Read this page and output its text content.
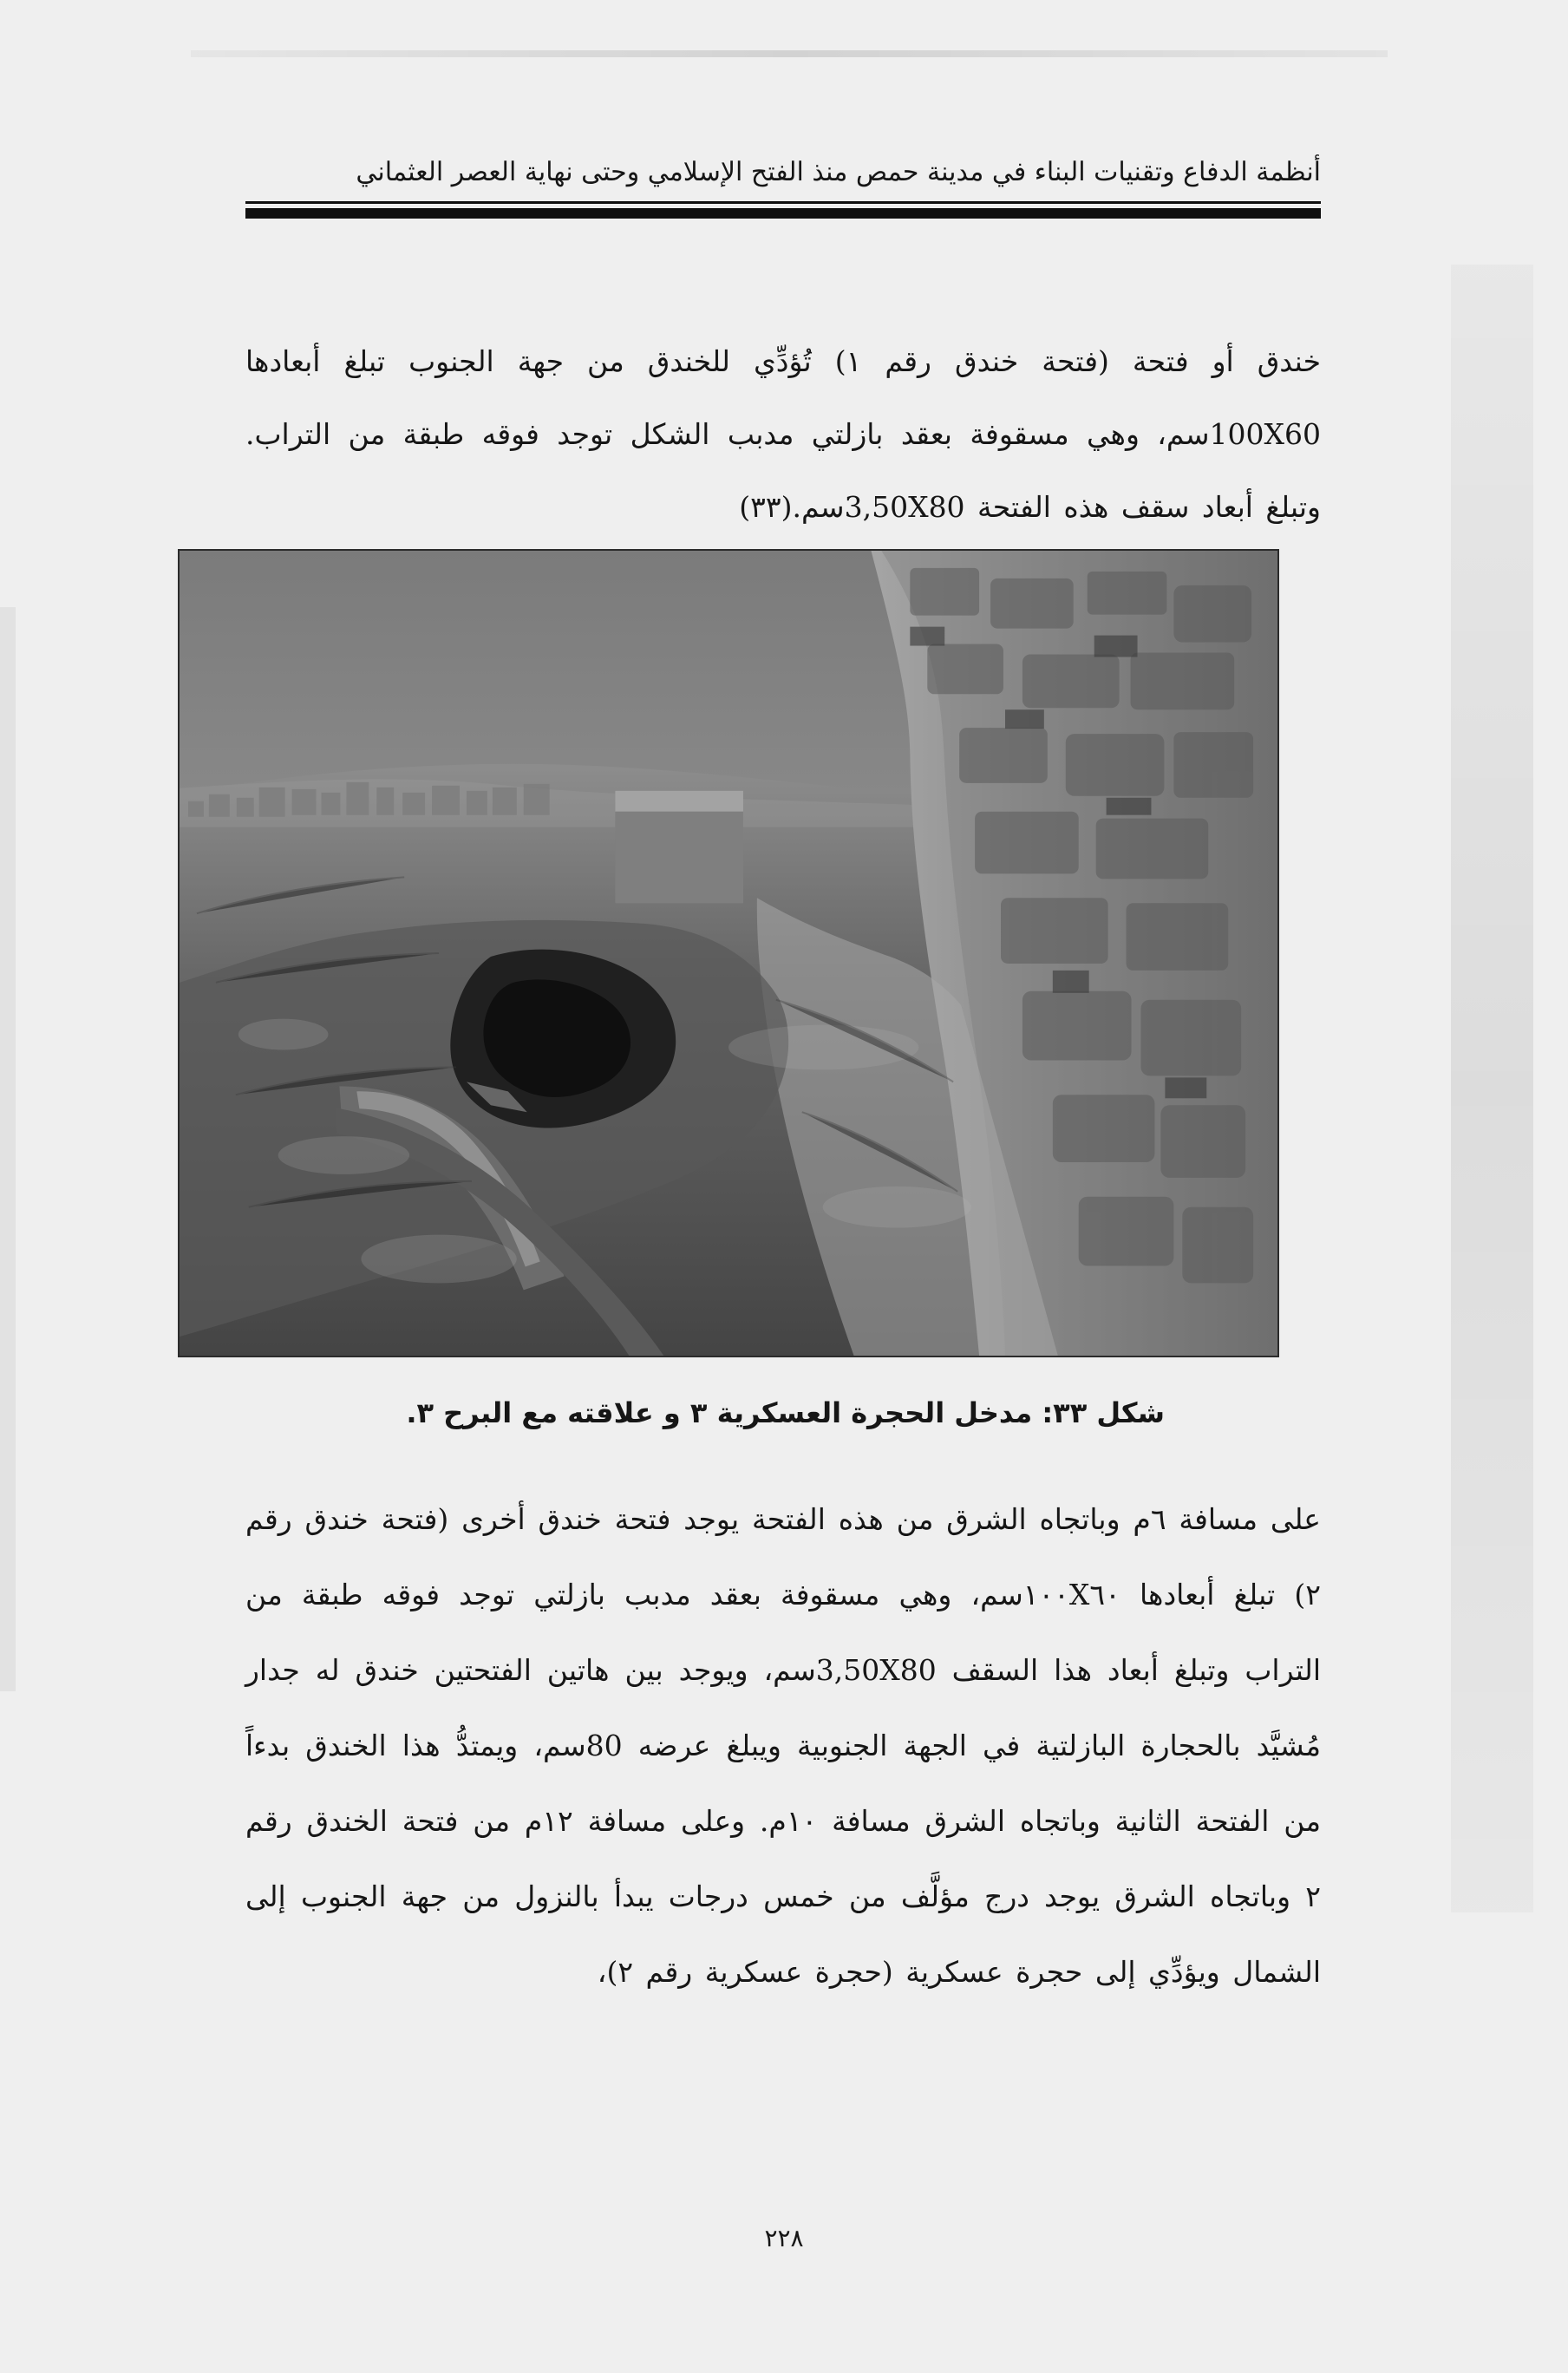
أنظمة الدفاع وتقنيات البناء في مدينة حمص منذ الفتح الإسلامي وحتى نهاية العصر العثماني
خندق أو فتحة (فتحة خندق رقم ١) تُؤدِّي للخندق من جهة الجنوب تبلغ أبعادها 100X60سم، وهي مسقوفة بعقد بازلتي مدبب الشكل توجد فوقه طبقة من التراب. وتبلغ أبعاد سقف هذه الفتحة 3,50X80سم.(٣٣)
شكل ٣٣: مدخل الحجرة العسكرية ٣ و علاقته مع البرح ٣.
على مسافة ٦م وباتجاه الشرق من هذه الفتحة يوجد فتحة خندق أخرى (فتحة خندق رقم ٢) تبلغ أبعادها ١٠٠X٦٠سم، وهي مسقوفة بعقد مدبب بازلتي توجد فوقه طبقة من التراب وتبلغ أبعاد هذا السقف 3,50X80سم، ويوجد بين هاتين الفتحتين خندق له جدار مُشيَّد بالحجارة البازلتية في الجهة الجنوبية ويبلغ عرضه 80سم، ويمتدُّ هذا الخندق بدءاً من الفتحة الثانية وباتجاه الشرق مسافة ١٠م. وعلى مسافة ١٢م من فتحة الخندق رقم ٢ وباتجاه الشرق يوجد درج مؤلَّف من خمس درجات يبدأ بالنزول من جهة الجنوب إلى الشمال ويؤدِّي إلى حجرة عسكرية (حجرة عسكرية رقم ٢)،
٢٢٨
